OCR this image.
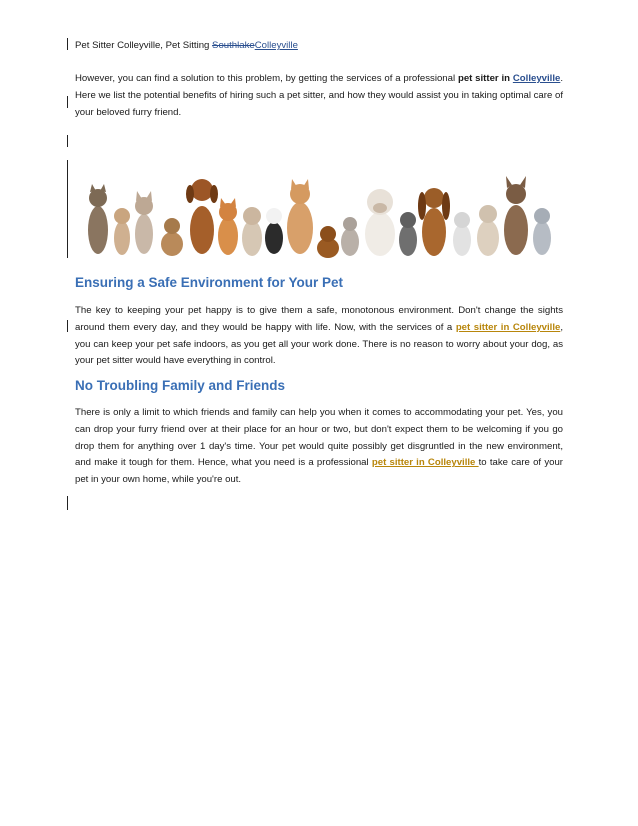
Pet Sitter Colleyville, Pet Sitting SouthlakeColleyville
However, you can find a solution to this problem, by getting the services of a professional pet sitter in Colleyville. Here we list the potential benefits of hiring such a pet sitter, and how they would assist you in taking optimal care of your beloved furry friend.
Ensuring a Safe Environment for Your Pet
The key to keeping your pet happy is to give them a safe, monotonous environment. Don't change the sights around them every day, and they would be happy with life. Now, with the services of a pet sitter in Colleyville, you can keep your pet safe indoors, as you get all your work done. There is no reason to worry about your dog, as your pet sitter would have everything in control.
No Troubling Family and Friends
There is only a limit to which friends and family can help you when it comes to accommodating your pet. Yes, you can drop your furry friend over at their place for an hour or two, but don't expect them to be welcoming if you go drop them for anything over 1 day's time. Your pet would quite possibly get disgruntled in the new environment, and make it tough for them. Hence, what you need is a professional pet sitter in Colleyville to take care of your pet in your own home, while you're out.
